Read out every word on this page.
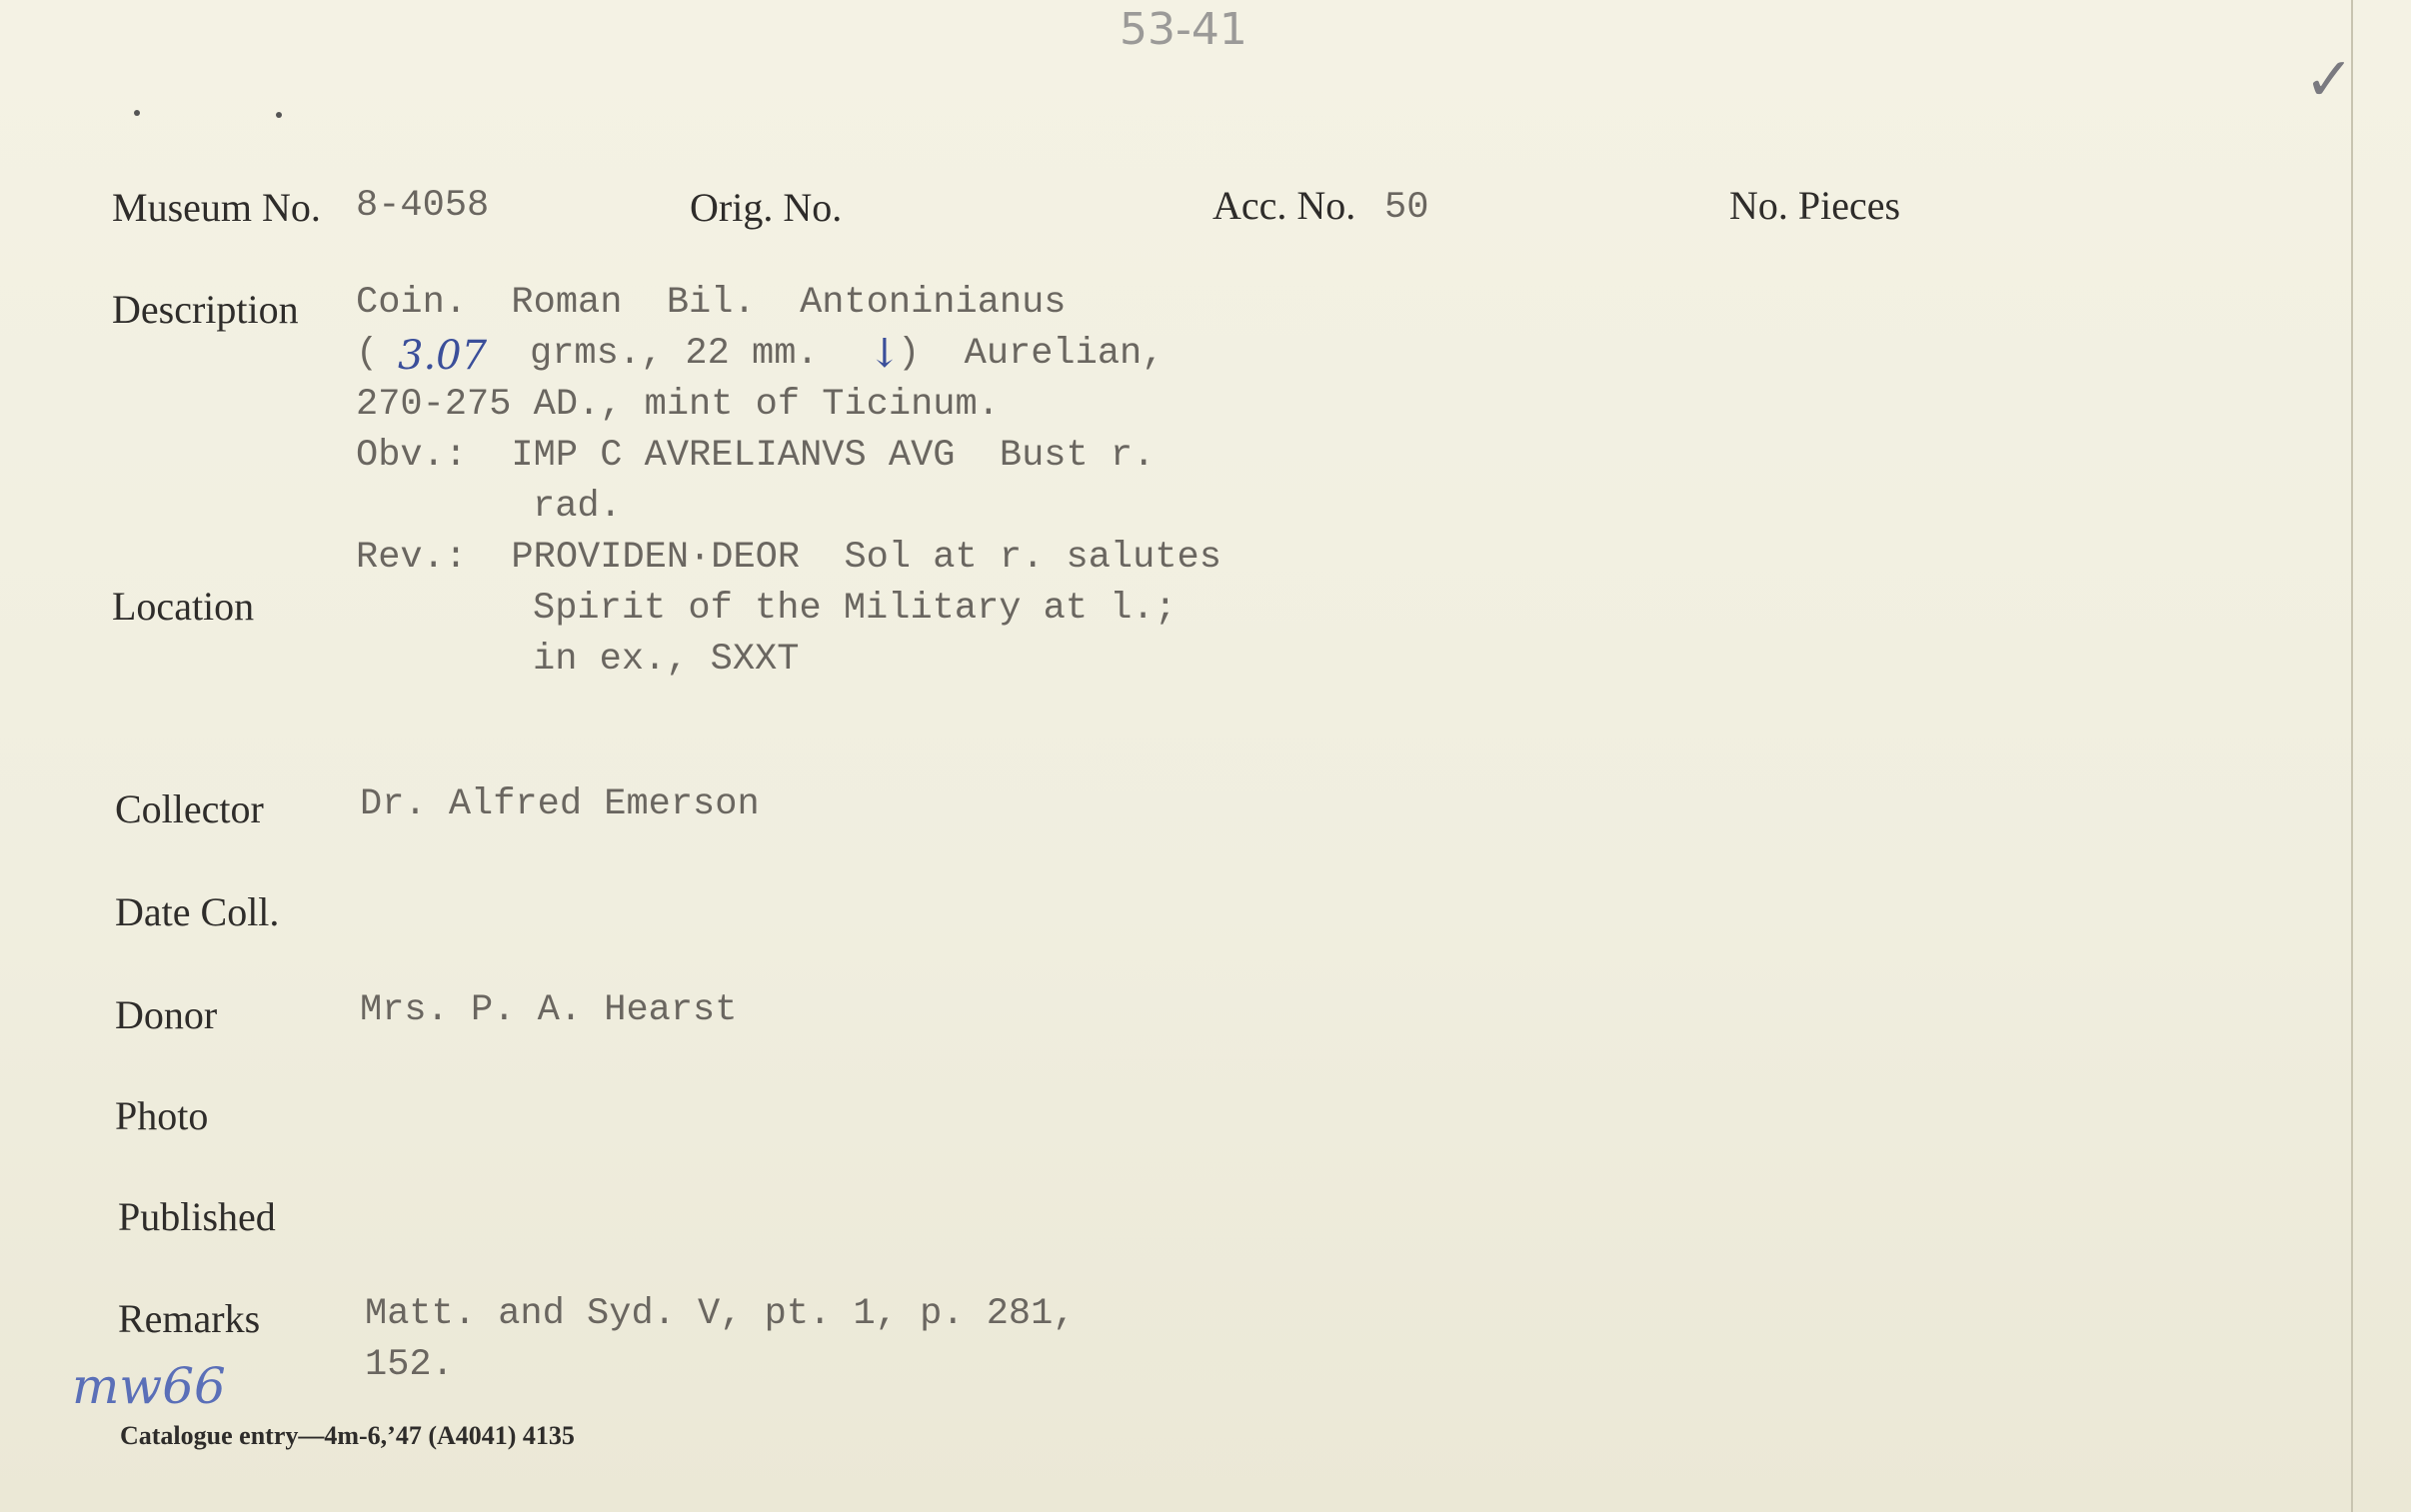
53-41
✓
Museum No. 8-4058	Orig. No.	Acc. No. 50	No. Pieces
Description Coin.  Roman  Bil.  Antoninianus
( 3.07 grms., 22 mm. ↓
)  Aurelian,
270-275 AD., mint of Ticinum.
Obv.:  IMP C AVRELIANVS AVG  Bust r.
rad.
Rev.:  PROVIDEN·DEOR  Sol at r. salutes
Spirit of the Military at l.;
in ex., SXXT
Location
Collector	Dr. Alfred Emerson
Date Coll.
Donor	Mrs. P. A. Hearst
Photo
Published
Remarks	Matt. and Syd. V, pt. 1, p. 281,
152.
mw66
Catalogue entry—4m-6,’47 (A4041) 4135
